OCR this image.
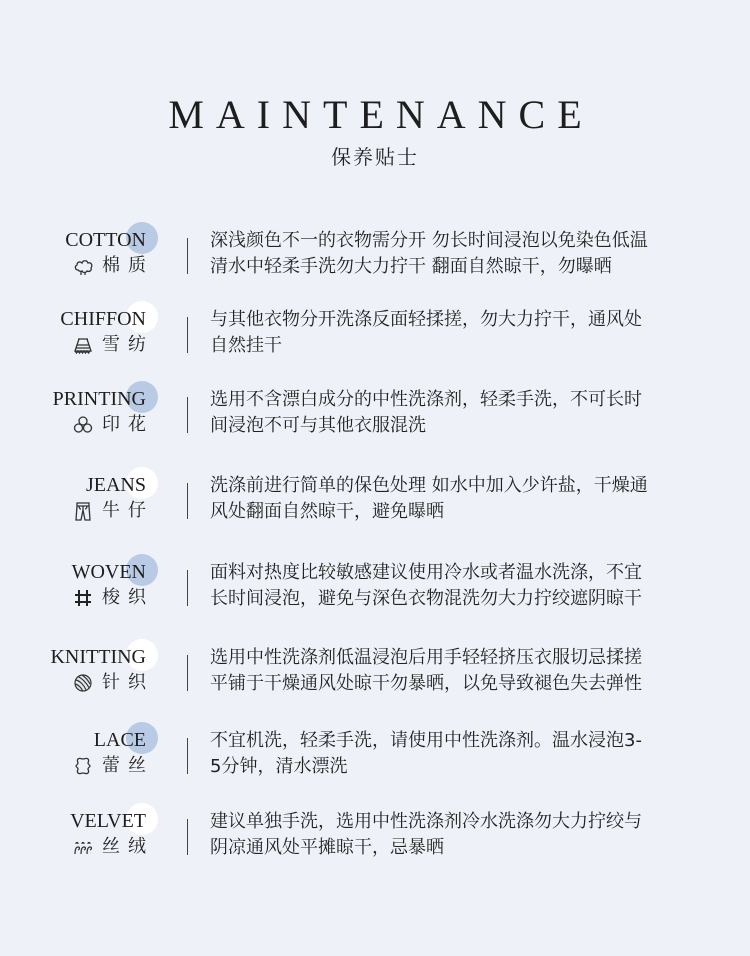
MAINTENANCE
保养贴士
COTTON
棉质
深浅颜色不一的衣物需分开 勿长时间浸泡以免染色低温
清水中轻柔手洗勿大力拧干 翻面自然晾干，勿曝晒
CHIFFON
雪纺
与其他衣物分开洗涤反面轻揉搓，勿大力拧干，通风处
自然挂干
PRINTING
印花
选用不含漂白成分的中性洗涤剂，轻柔手洗，不可长时
间浸泡不可与其他衣服混洗
JEANS
牛仔
洗涤前进行简单的保色处理 如水中加入少许盐，干燥通
风处翻面自然晾干，避免曝晒
WOVEN
梭织
面料对热度比较敏感建议使用冷水或者温水洗涤，不宜
长时间浸泡，避免与深色衣物混洗勿大力拧绞遮阴晾干
KNITTING
针织
选用中性洗涤剂低温浸泡后用手轻轻挤压衣服切忌揉搓
平铺于干燥通风处晾干勿暴晒，以免导致褪色失去弹性
LACE
蕾丝
不宜机洗，轻柔手洗，请使用中性洗涤剂。温水浸泡3-
5分钟，清水漂洗
VELVET
丝绒
建议单独手洗，选用中性洗涤剂冷水洗涤勿大力拧绞与
阴凉通风处平摊晾干，忌暴晒
